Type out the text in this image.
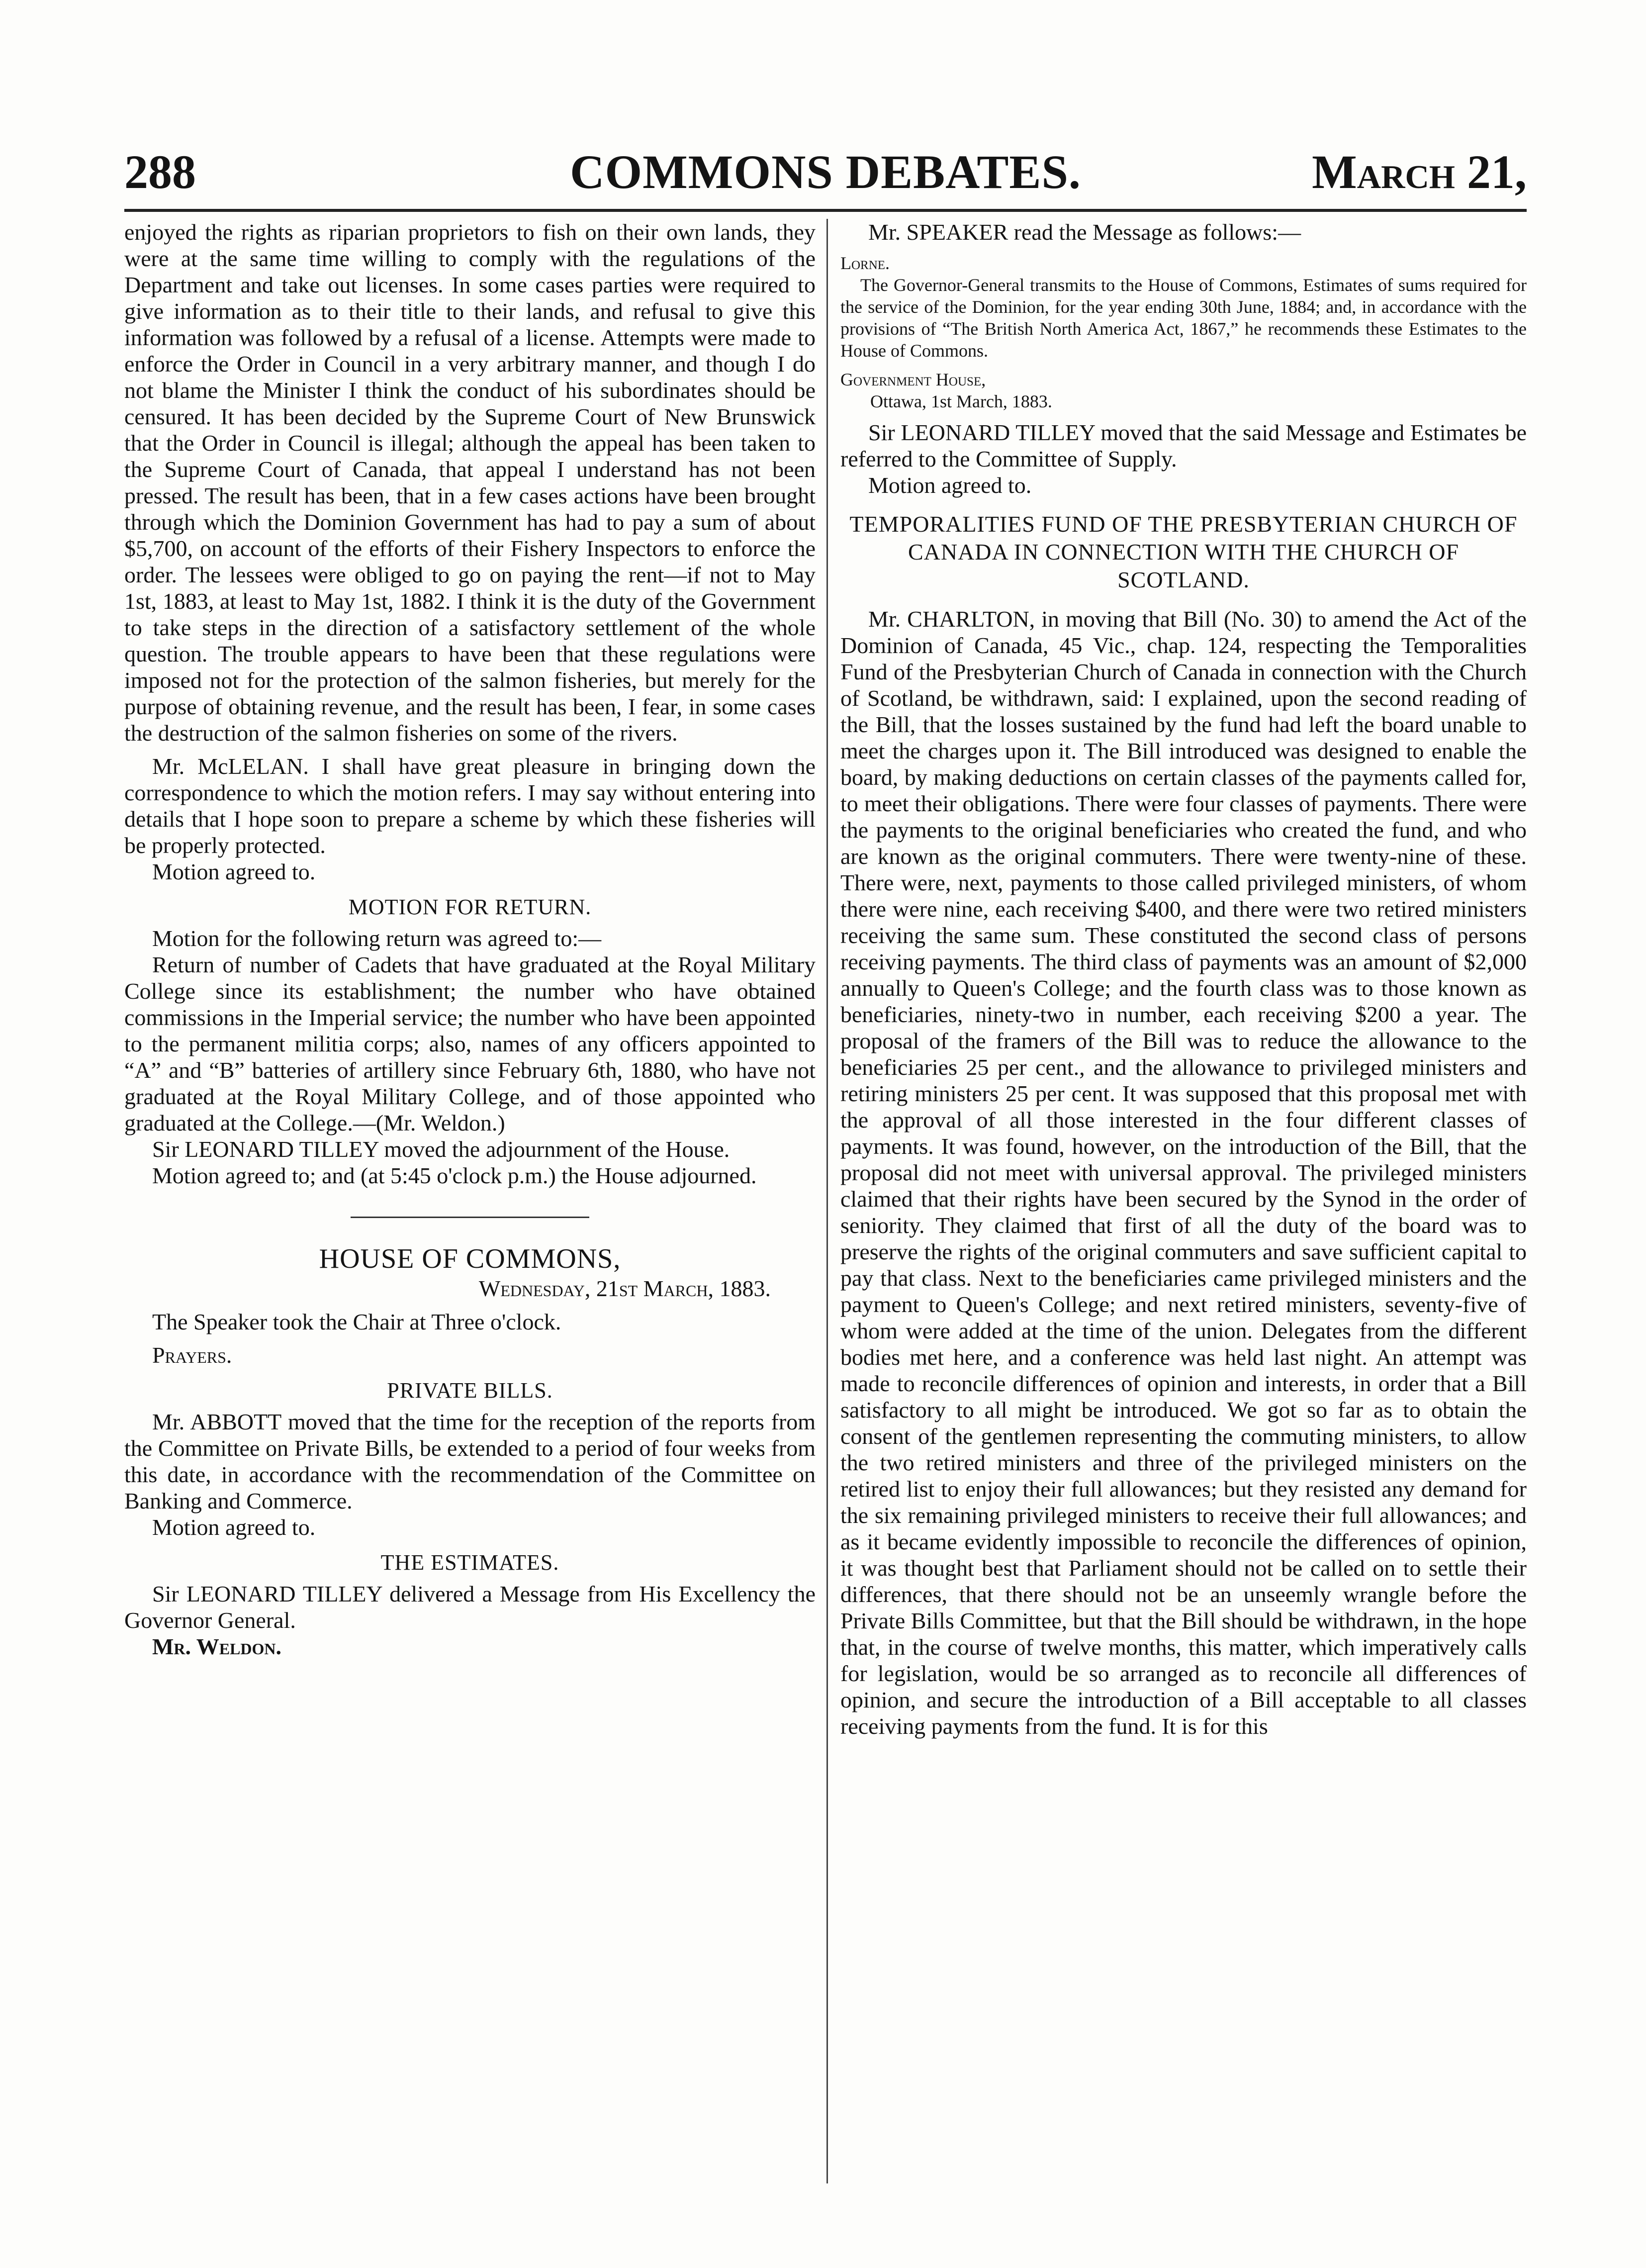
288	COMMONS DEBATES.	March 21,

enjoyed the rights as riparian proprietors to fish on their own lands, they were at the same time willing to comply with the regulations of the Department and take out licenses. In some cases parties were required to give information as to their title to their lands, and refusal to give this information was followed by a refusal of a license. Attempts were made to enforce the Order in Council in a very arbitrary manner, and though I do not blame the Minister I think the conduct of his subordinates should be censured. It has been decided by the Supreme Court of New Brunswick that the Order in Council is illegal; although the appeal has been taken to the Supreme Court of Canada, that appeal I understand has not been pressed. The result has been, that in a few cases actions have been brought through which the Dominion Government has had to pay a sum of about $5,700, on account of the efforts of their Fishery Inspectors to enforce the order. The lessees were obliged to go on paying the rent—if not to May 1st, 1883, at least to May 1st, 1882. I think it is the duty of the Government to take steps in the direction of a satisfactory settlement of the whole question. The trouble appears to have been that these regulations were imposed not for the protection of the salmon fisheries, but merely for the purpose of obtaining revenue, and the result has been, I fear, in some cases the destruction of the salmon fisheries on some of the rivers.

Mr. McLELAN. I shall have great pleasure in bringing down the correspondence to which the motion refers. I may say without entering into details that I hope soon to prepare a scheme by which these fisheries will be properly protected.

Motion agreed to.

MOTION FOR RETURN.

Motion for the following return was agreed to:—

Return of number of Cadets that have graduated at the Royal Military College since its establishment; the number who have obtained commissions in the Imperial service; the number who have been appointed to the permanent militia corps; also, names of any officers appointed to “A” and “B” batteries of artillery since February 6th, 1880, who have not graduated at the Royal Military College, and of those appointed who graduated at the College.—(Mr. Weldon.)

Sir LEONARD TILLEY moved the adjournment of the House.

Motion agreed to; and (at 5:45 o'clock p.m.) the House adjourned.

HOUSE OF COMMONS,
Wednesday, 21st March, 1883.

The Speaker took the Chair at Three o'clock.

Prayers.

PRIVATE BILLS.

Mr. ABBOTT moved that the time for the reception of the reports from the Committee on Private Bills, be extended to a period of four weeks from this date, in accordance with the recommendation of the Committee on Banking and Commerce.

Motion agreed to.

THE ESTIMATES.

Sir LEONARD TILLEY delivered a Message from His Excellency the Governor General.

Mr. Weldon.

Mr. SPEAKER read the Message as follows:—

Lorne.

The Governor-General transmits to the House of Commons, Estimates of sums required for the service of the Dominion, for the year ending 30th June, 1884; and, in accordance with the provisions of “The British North America Act, 1867,” he recommends these Estimates to the House of Commons.

Government House,

Ottawa, 1st March, 1883.

Sir LEONARD TILLEY moved that the said Message and Estimates be referred to the Committee of Supply.

Motion agreed to.

TEMPORALITIES FUND OF THE PRESBYTERIAN CHURCH OF CANADA IN CONNECTION WITH THE CHURCH OF SCOTLAND.

Mr. CHARLTON, in moving that Bill (No. 30) to amend the Act of the Dominion of Canada, 45 Vic., chap. 124, respecting the Temporalities Fund of the Presbyterian Church of Canada in connection with the Church of Scotland, be withdrawn, said: I explained, upon the second reading of the Bill, that the losses sustained by the fund had left the board unable to meet the charges upon it. The Bill introduced was designed to enable the board, by making deductions on certain classes of the payments called for, to meet their obligations. There were four classes of payments. There were the payments to the original beneficiaries who created the fund, and who are known as the original commuters. There were twenty-nine of these. There were, next, payments to those called privileged ministers, of whom there were nine, each receiving $400, and there were two retired ministers receiving the same sum. These constituted the second class of persons receiving payments. The third class of payments was an amount of $2,000 annually to Queen's College; and the fourth class was to those known as beneficiaries, ninety-two in number, each receiving $200 a year. The proposal of the framers of the Bill was to reduce the allowance to the beneficiaries 25 per cent., and the allowance to privileged ministers and retiring ministers 25 per cent. It was supposed that this proposal met with the approval of all those interested in the four different classes of payments. It was found, however, on the introduction of the Bill, that the proposal did not meet with universal approval. The privileged ministers claimed that their rights have been secured by the Synod in the order of seniority. They claimed that first of all the duty of the board was to preserve the rights of the original commuters and save sufficient capital to pay that class. Next to the beneficiaries came privileged ministers and the payment to Queen's College; and next retired ministers, seventy-five of whom were added at the time of the union. Delegates from the different bodies met here, and a conference was held last night. An attempt was made to reconcile differences of opinion and interests, in order that a Bill satisfactory to all might be introduced. We got so far as to obtain the consent of the gentlemen representing the commuting ministers, to allow the two retired ministers and three of the privileged ministers on the retired list to enjoy their full allowances; but they resisted any demand for the six remaining privileged ministers to receive their full allowances; and as it became evidently impossible to reconcile the differences of opinion, it was thought best that Parliament should not be called on to settle their differences, that there should not be an unseemly wrangle before the Private Bills Committee, but that the Bill should be withdrawn, in the hope that, in the course of twelve months, this matter, which imperatively calls for legislation, would be so arranged as to reconcile all differences of opinion, and secure the introduction of a Bill acceptable to all classes receiving payments from the fund. It is for this
